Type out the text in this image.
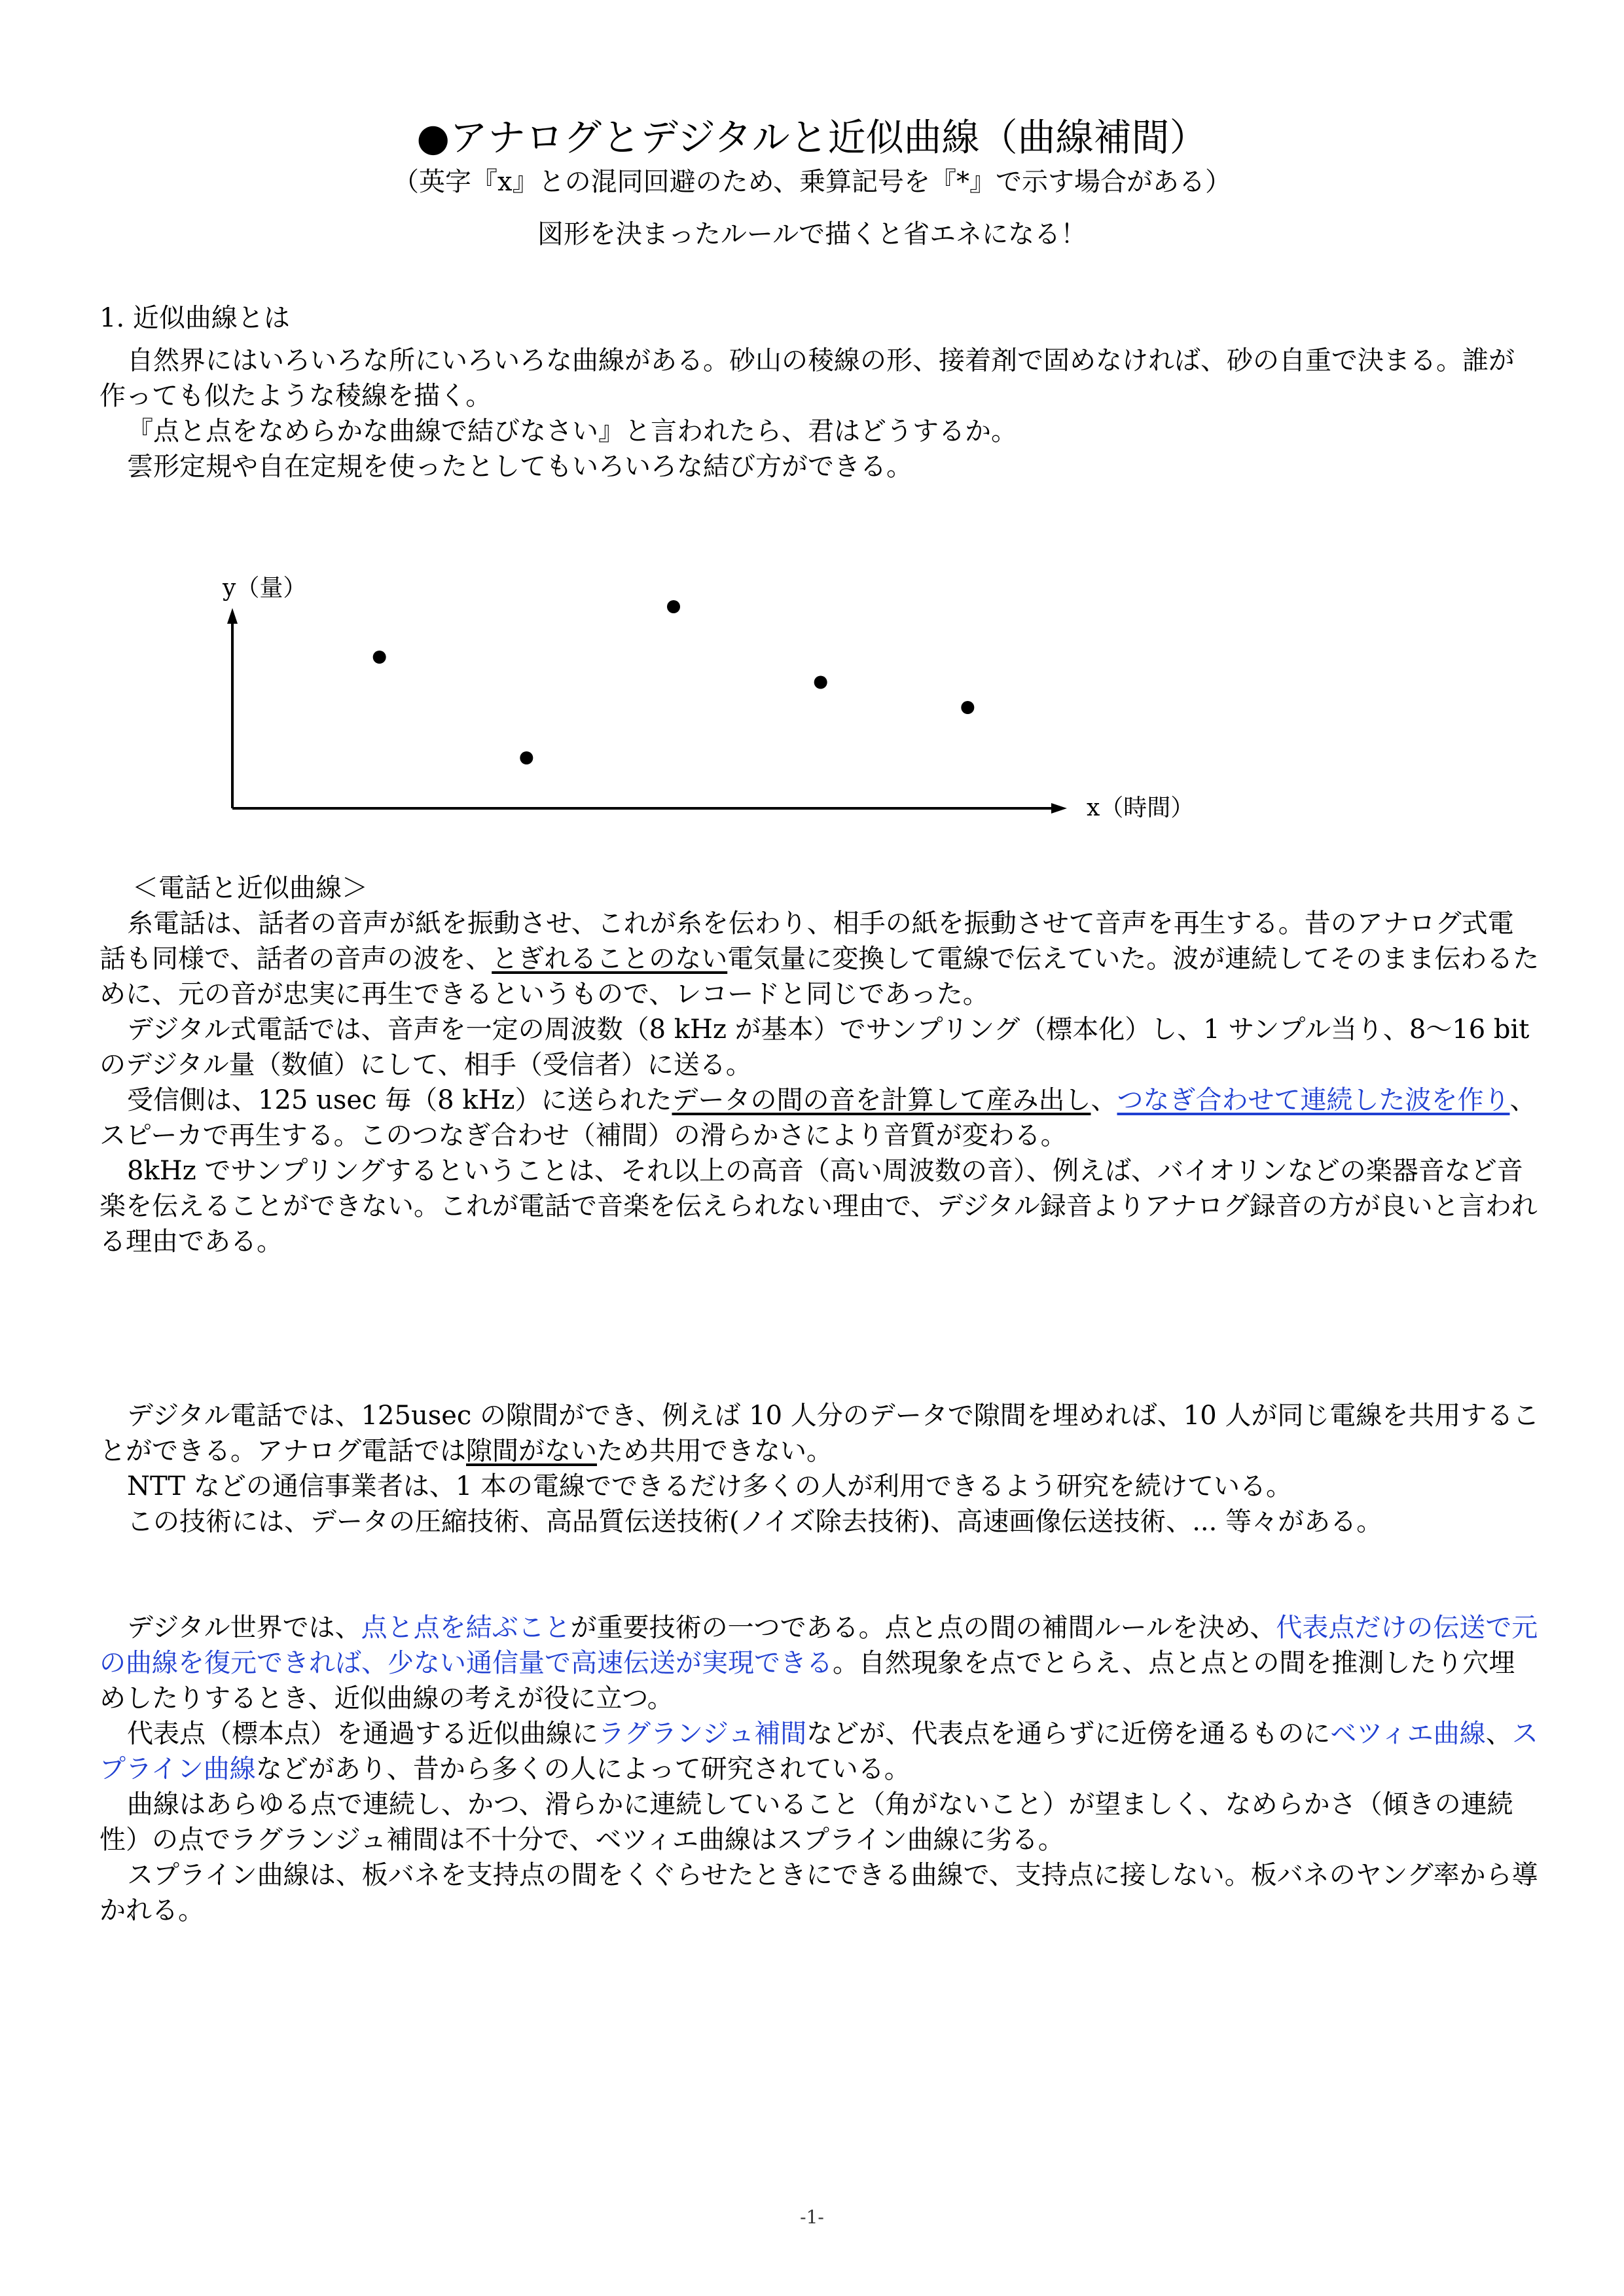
●アナログとデジタルと近似曲線（曲線補間）
（英字『x』との混同回避のため、乗算記号を『*』で示す場合がある）
図形を決まったルールで描くと省エネになる！
1. 近似曲線とは

自然界にはいろいろな所にいろいろな曲線がある。砂山の稜線の形、接着剤で固めなければ、砂の自重で決まる。誰が作っても似たような稜線を描く。

『点と点をなめらかな曲線で結びなさい』と言われたら、君はどうするか。

雲形定規や自在定規を使ったとしてもいろいろな結び方ができる。

y（量）
x（時間）

＜電話と近似曲線＞

糸電話は、話者の音声が紙を振動させ、これが糸を伝わり、相手の紙を振動させて音声を再生する。昔のアナログ式電話も同様で、話者の音声の波を、とぎれることのない電気量に変換して電線で伝えていた。波が連続してそのまま伝わるために、元の音が忠実に再生できるというもので、レコードと同じであった。

デジタル式電話では、音声を一定の周波数（8 kHz が基本）でサンプリング（標本化）し、1 サンプル当り、8～16 bit のデジタル量（数値）にして、相手（受信者）に送る。

受信側は、125 usec 毎（8 kHz）に送られたデータの間の音を計算して産み出し、つなぎ合わせて連続した波を作り、スピーカで再生する。このつなぎ合わせ（補間）の滑らかさにより音質が変わる。

8kHz でサンプリングするということは、それ以上の高音（高い周波数の音）、例えば、バイオリンなどの楽器音など音楽を伝えることができない。これが電話で音楽を伝えられない理由で、デジタル録音よりアナログ録音の方が良いと言われる理由である。

デジタル電話では、125usec の隙間ができ、例えば 10 人分のデータで隙間を埋めれば、10 人が同じ電線を共用することができる。アナログ電話では隙間がないため共用できない。

NTT などの通信事業者は、1 本の電線でできるだけ多くの人が利用できるよう研究を続けている。

この技術には、データの圧縮技術、高品質伝送技術(ノイズ除去技術)、高速画像伝送技術、... 等々がある。

デジタル世界では、点と点を結ぶことが重要技術の一つである。点と点の間の補間ルールを決め、代表点だけの伝送で元の曲線を復元できれば、少ない通信量で高速伝送が実現できる。自然現象を点でとらえ、点と点との間を推測したり穴埋めしたりするとき、近似曲線の考えが役に立つ。

代表点（標本点）を通過する近似曲線にラグランジュ補間などが、代表点を通らずに近傍を通るものにベツィエ曲線、スプライン曲線などがあり、昔から多くの人によって研究されている。

曲線はあらゆる点で連続し、かつ、滑らかに連続していること（角がないこと）が望ましく、なめらかさ（傾きの連続性）の点でラグランジュ補間は不十分で、ベツィエ曲線はスプライン曲線に劣る。

スプライン曲線は、板バネを支持点の間をくぐらせたときにできる曲線で、支持点に接しない。板バネのヤング率から導かれる。

-1-
